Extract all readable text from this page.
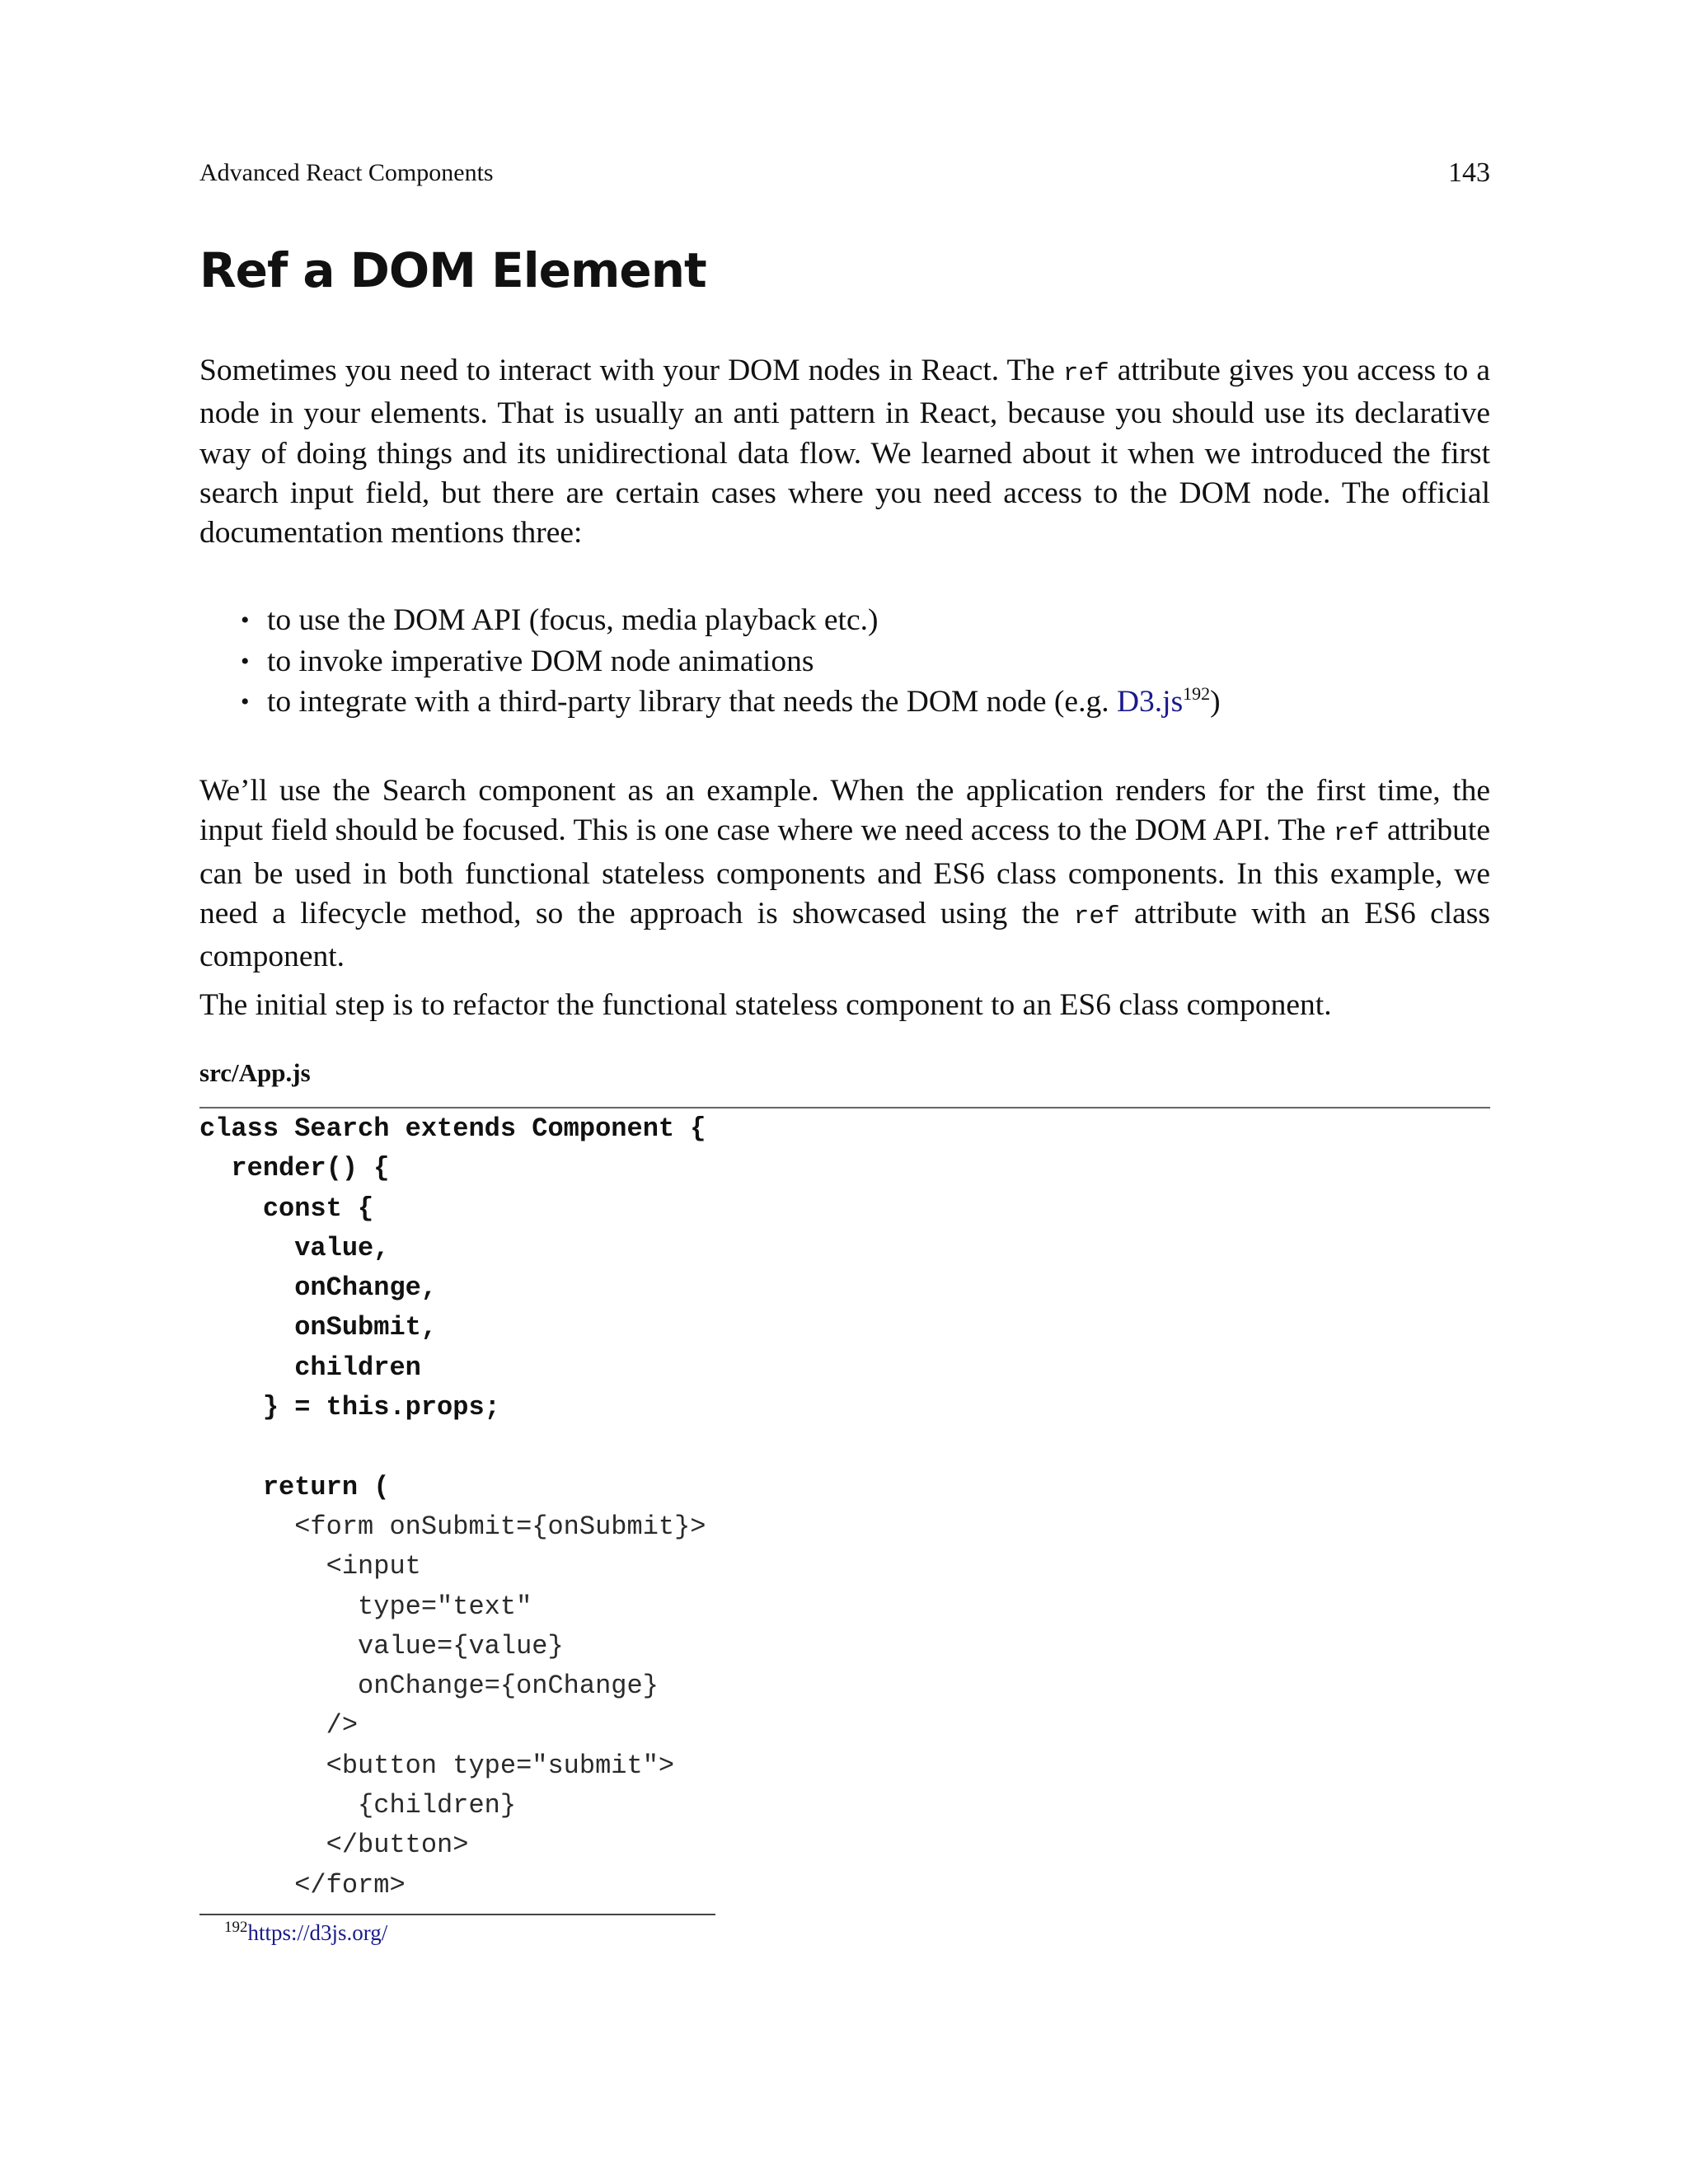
Advanced React Components	143
Ref a DOM Element

Sometimes you need to interact with your DOM nodes in React. The ref attribute gives you access to a node in your elements. That is usually an anti pattern in React, because you should use its declarative way of doing things and its unidirectional data flow. We learned about it when we introduced the first search input field, but there are certain cases where you need access to the DOM node. The official documentation mentions three:

• to use the DOM API (focus, media playback etc.)
• to invoke imperative DOM node animations
• to integrate with a third-party library that needs the DOM node (e.g. D3.js$^{192}$)

We’ll use the Search component as an example. When the application renders for the first time, the input field should be focused. This is one case where we need access to the DOM API. The ref attribute can be used in both functional stateless components and ES6 class components. In this example, we need a lifecycle method, so the approach is showcased using the ref attribute with an ES6 class component.

The initial step is to refactor the functional stateless component to an ES6 class component.

src/App.js
class Search extends Component {
render() {
const {
value,
onChange,
onSubmit,
children
} = this.props;
return (
<form onSubmit={onSubmit}>
<input
type="text"
value={value}
onChange={onChange}
/>
<button type="submit">
{children}
</button>
</form>
$^{192}$https://d3js.org/
